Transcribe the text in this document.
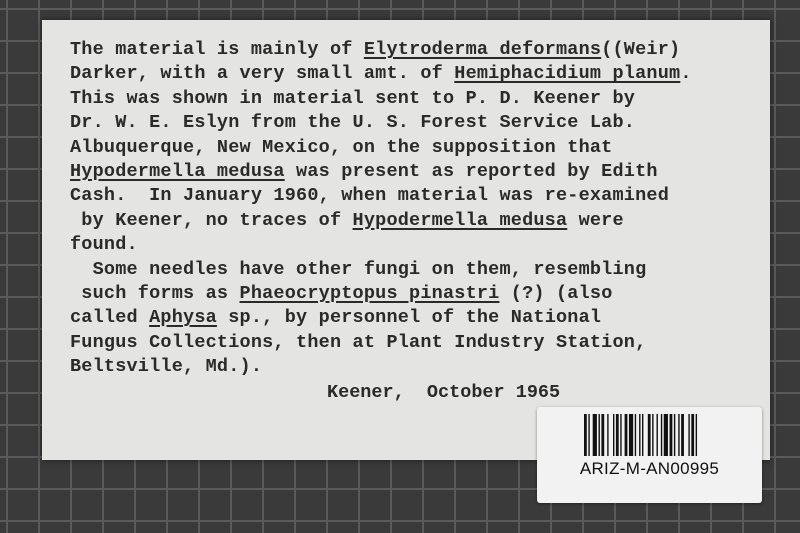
The material is mainly of Elytroderma deformans((Weir)
Darker, with a very small amt. of Hemiphacidium planum.
This was shown in material sent to P. D. Keener by
Dr. W. E. Eslyn from the U. S. Forest Service Lab.
Albuquerque, New Mexico, on the supposition that
Hypodermella medusa was present as reported by Edith
Cash.  In January 1960, when material was re-examined
by Keener, no traces of Hypodermella medusa were
found.
Some needles have other fungi on them, resembling
such forms as Phaeocryptopus pinastri (?) (also
called Aphysa sp., by personnel of the National
Fungus Collections, then at Plant Industry Station,
Beltsville, Md.).
Keener,  October 1965
ARIZ-M-AN00995
